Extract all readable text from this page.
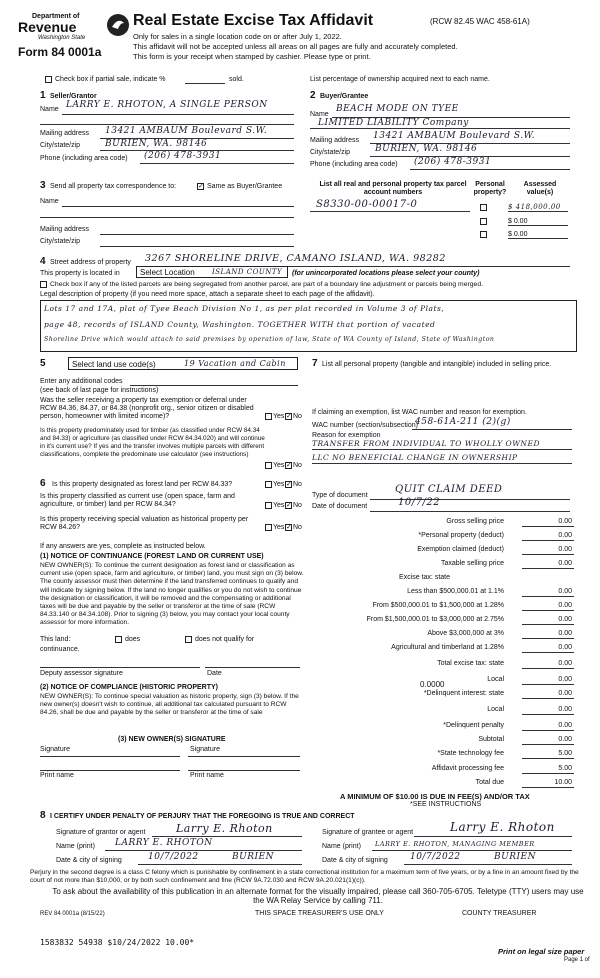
Department of
Revenue
Washington State
Form 84 0001a
Real Estate Excise Tax Affidavit	(RCW 82.45 WAC 458-61A)
Only for sales in a single location code on or after July 1, 2022.
This affidavit will not be accepted unless all areas on all pages are fully and accurately completed.
This form is your receipt when stamped by cashier. Please type or print.
Check box if partial sale, indicate %	sold.	List percentage of ownership acquired next to each name.
1 Seller/Grantor
Name LARRY E. RHOTON, A SINGLE PERSON
Mailing address 13421 AMBAUM Boulevard S.W.
City/state/zip	BURIEN, WA. 98146
Phone (including area code) (206) 478-3931
2 Buyer/Grantee
Name
BEACH MODE ON TYEE
LIMITED LIABILITY Company
Mailing address 13421 AMBAUM Boulevard S.W.
City/state/zip	BURIEN, WA. 98146
Phone (including area code) (206) 478-3931
3 Send all property tax correspondence to:	✓ Same as Buyer/Grantee
Name
Mailing address
City/state/zip
List all real and personal property tax parcel account numbers
Personal property?
Assessed value(s)
S8330-00-00017-0	$ 418,000.00
$ 0.00
$ 0.00
4 Street address of property 3267 SHORELINE DRIVE, CAMANO ISLAND, WA. 98282
This property is located in	Select Location ISLAND COUNTY (for unincorporated locations please select your county)
Check box if any of the listed parcels are being segregated from another parcel, are part of a boundary line adjustment or parcels being merged.
Legal description of property (if you need more space, attach a separate sheet to each page of the affidavit).
Lots 17 and 17A, plat of Tyee Beach Division No 1, as per plat recorded in Volume 3 of Plats,
page 48, records of ISLAND County, Washington. TOGETHER WITH that portion of vacated
Shoreline Drive which would attach to said premises by operation of law, State of WA County of Island, State of Washington
5	Select land use code(s)	19 Vacation and Cabin
Enter any additional codes
(see back of last page for instructions)
Was the seller receiving a property tax exemption or deferral under RCW 84.36, 84.37, or 84.38 (nonprofit org., senior citizen or disabled person, homeowner with limited income)?	Yes ✓ No
Is this property predominately used for timber (as classified under RCW 84.34 and 84.33) or agriculture (as classified under RCW 84.34.020) and will continue in it's current use? If yes and the transfer involves multiple parcels with different classifications, complete the predominate use calculator (see instructions)
Yes ✓ No
6 Is this property designated as forest land per RCW 84.33?	Yes ✓ No
Is this property classified as current use (open space, farm and agriculture, or timber) land per RCW 84.34?	Yes ✓ No
Is this property receiving special valuation as historical property per RCW 84.26?	Yes ✓ No
If any answers are yes, complete as instructed below.
(1) NOTICE OF CONTINUANCE (FOREST LAND OR CURRENT USE)
NEW OWNER(S): To continue the current designation as forest land or classification as current use (open space, farm and agriculture, or timber) land, you must sign on (3) below. The county assessor must then determine if the land transferred continues to qualify and will indicate by signing below. If the land no longer qualifies or you do not wish to continue the designation or classification, it will be removed and the compensating or additional taxes will be due and payable by the seller or transferor at the time of sale (RCW 84.33.140 or 84.34.108). Prior to signing (3) below, you may contact your local county assessor for more information.
This land:	does	does not qualify for
continuance.
Deputy assessor signature	Date
(2) NOTICE OF COMPLIANCE (HISTORIC PROPERTY)
NEW OWNER(S): To continue special valuation as historic property, sign (3) below. If the new owner(s) doesn't wish to continue, all additional tax calculated pursuant to RCW 84.26, shall be due and payable by the seller or transferor at the time of sale
(3) NEW OWNER(S) SIGNATURE
Signature	Signature
Print name	Print name
7 List all personal property (tangible and intangible) included in selling price.
If claiming an exemption, list WAC number and reason for exemption.
WAC number (section/subsection)
458-61A-211 (2)(g)
Reason for exemption
TRANSFER FROM INDIVIDUAL TO WHOLLY OWNED
LLC NO BENEFICIAL CHANGE IN OWNERSHIP
Type of document
QUIT CLAIM DEED
Date of document	10/7/22
Gross selling price	0.00
*Personal property (deduct)	0.00
Exemption claimed (deduct)	0.00
Taxable selling price	0.00
Excise tax: state
Less than $500,000.01 at 1.1%	0.00
From $500,000.01 to $1,500,000 at 1.28%	0.00
From $1,500,000.01 to $3,000,000 at 2.75%	0.00
Above $3,000,000 at 3%	0.00
Agricultural and timberland at 1.28%	0.00
Total excise tax: state	0.00
Local	0.00
*Delinquent interest: state	0.00
Local	0.00
*Delinquent penalty	0.00
Subtotal	0.00
*State technology fee	5.00
Affidavit processing fee	5.00
Total due	10.00
0.0000
A MINIMUM OF $10.00 IS DUE IN FEE(S) AND/OR TAX
*SEE INSTRUCTIONS
8 I CERTIFY UNDER PENALTY OF PERJURY THAT THE FOREGOING IS TRUE AND CORRECT
Signature of grantor or agent	Larry E. Rhoton
Name (print) LARRY E. RHOTON
Date & city of signing	10/7/2022 BURIEN
Signature of grantee or agent	Larry E. Rhoton
Name (print) LARRY E. RHOTON, MANAGING MEMBER
Date & city of signing 10/7/2022 BURIEN
Perjury in the second degree is a class C felony which is punishable by confinement in a state correctional institution for a maximum term of five years, or by a fine in an amount fixed by the court of not more than $10,000, or by both such confinement and fine (RCW 9A.72.030 and RCW 9A.20.021(1)(c)).
To ask about the availability of this publication in an alternate format for the visually impaired, please call 360-705-6705. Teletype (TTY) users may use the WA Relay Service by calling 711.
REV 84 0001a (8/15/22)	THIS SPACE TREASURER'S USE ONLY	COUNTY TREASURER
1583832 54938 $10/24/2022 10.00*
Print on legal size paper
Page 1 of
